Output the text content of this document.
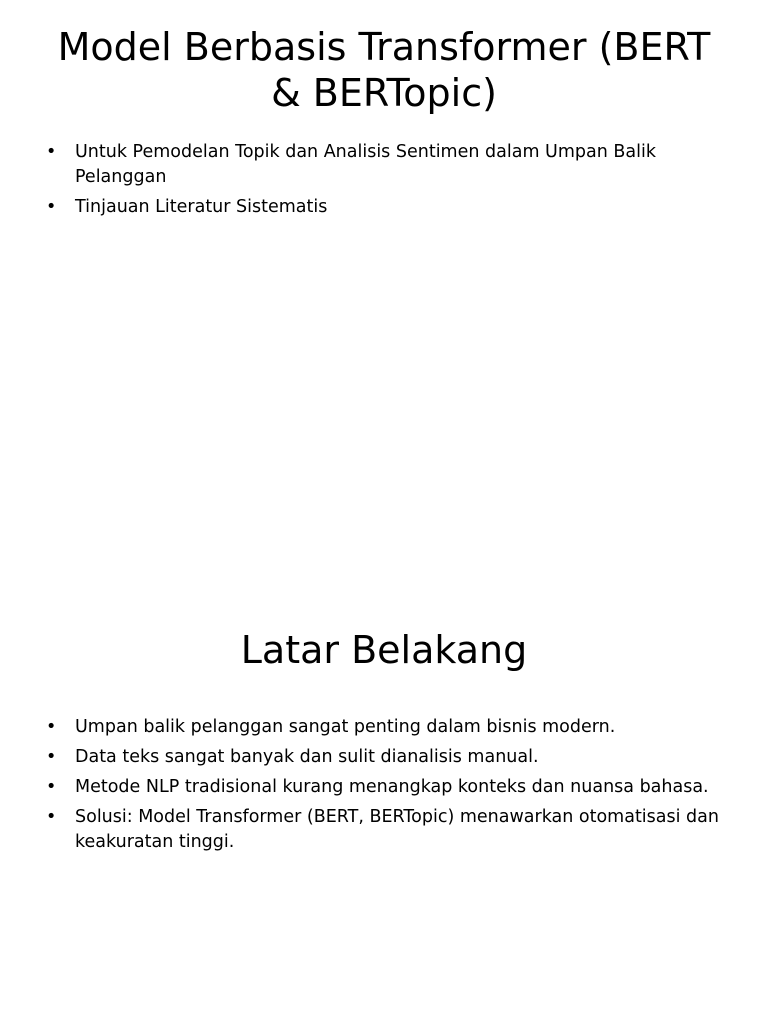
Model Berbasis Transformer (BERT & BERTopic)
• Untuk Pemodelan Topik dan Analisis Sentimen dalam Umpan Balik Pelanggan
• Tinjauan Literatur Sistematis
Latar Belakang
• Umpan balik pelanggan sangat penting dalam bisnis modern.
• Data teks sangat banyak dan sulit dianalisis manual.
• Metode NLP tradisional kurang menangkap konteks dan nuansa bahasa.
• Solusi: Model Transformer (BERT, BERTopic) menawarkan otomatisasi dan keakuratan tinggi.
